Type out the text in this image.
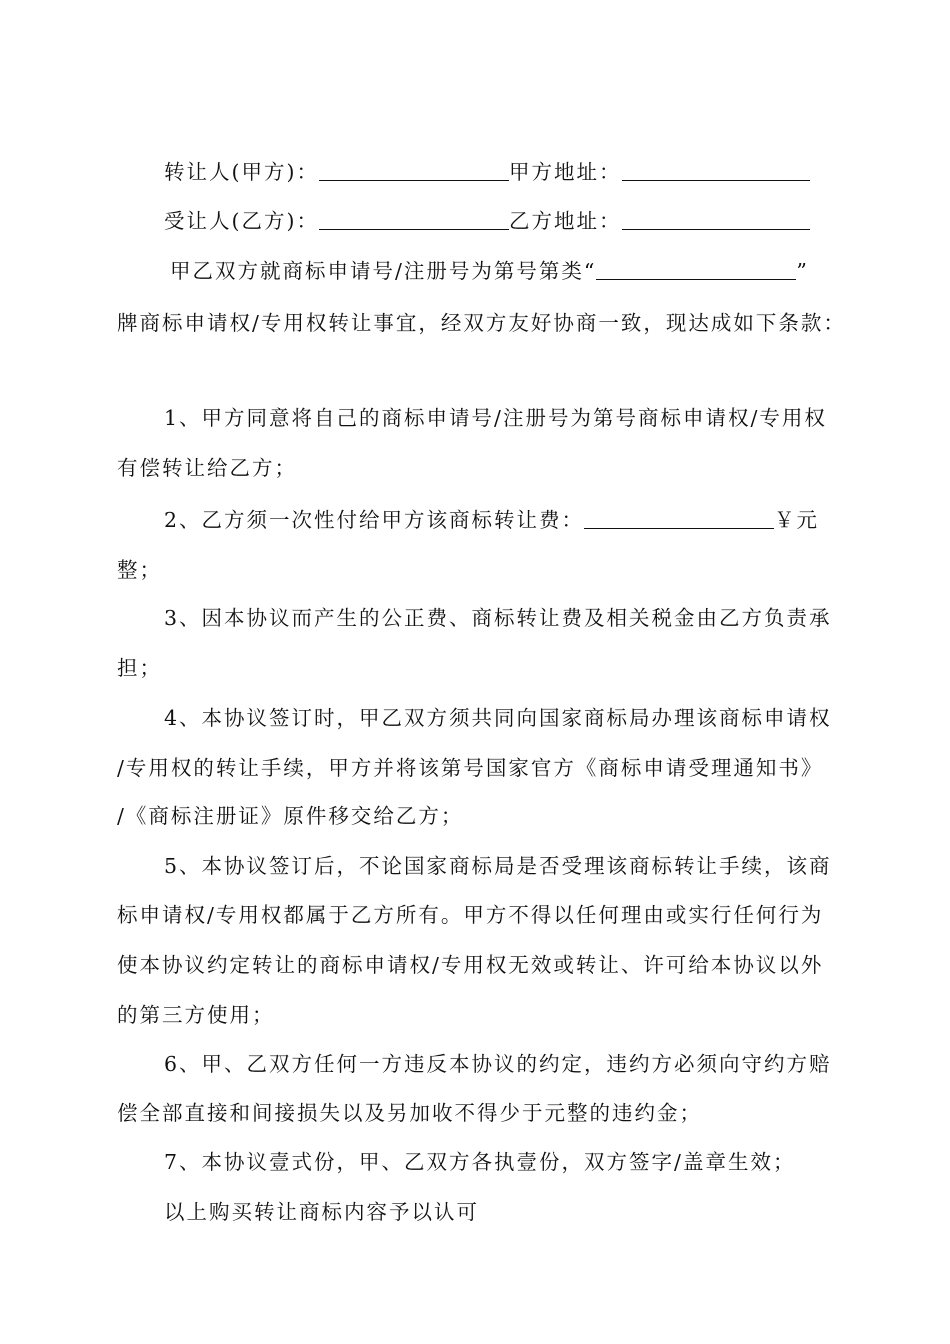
转让人(甲方)：	甲方地址：
受让人(乙方)：	乙方地址：
甲乙双方就商标申请号/注册号为第号第类“	”
牌商标申请权/专用权转让事宜，经双方友好协商一致，现达成如下条款：
1、甲方同意将自己的商标申请号/注册号为第号商标申请权/专用权
有偿转让给乙方；
2、乙方须一次性付给甲方该商标转让费：	￥元
整；
3、因本协议而产生的公正费、商标转让费及相关税金由乙方负责承
担；
4、本协议签订时，甲乙双方须共同向国家商标局办理该商标申请权
/专用权的转让手续，甲方并将该第号国家官方《商标申请受理通知书》
/《商标注册证》原件移交给乙方；
5、本协议签订后，不论国家商标局是否受理该商标转让手续，该商
标申请权/专用权都属于乙方所有。甲方不得以任何理由或实行任何行为
使本协议约定转让的商标申请权/专用权无效或转让、许可给本协议以外
的第三方使用；
6、甲、乙双方任何一方违反本协议的约定，违约方必须向守约方赔
偿全部直接和间接损失以及另加收不得少于元整的违约金；
7、本协议壹式份，甲、乙双方各执壹份，双方签字/盖章生效；
以上购买转让商标内容予以认可
